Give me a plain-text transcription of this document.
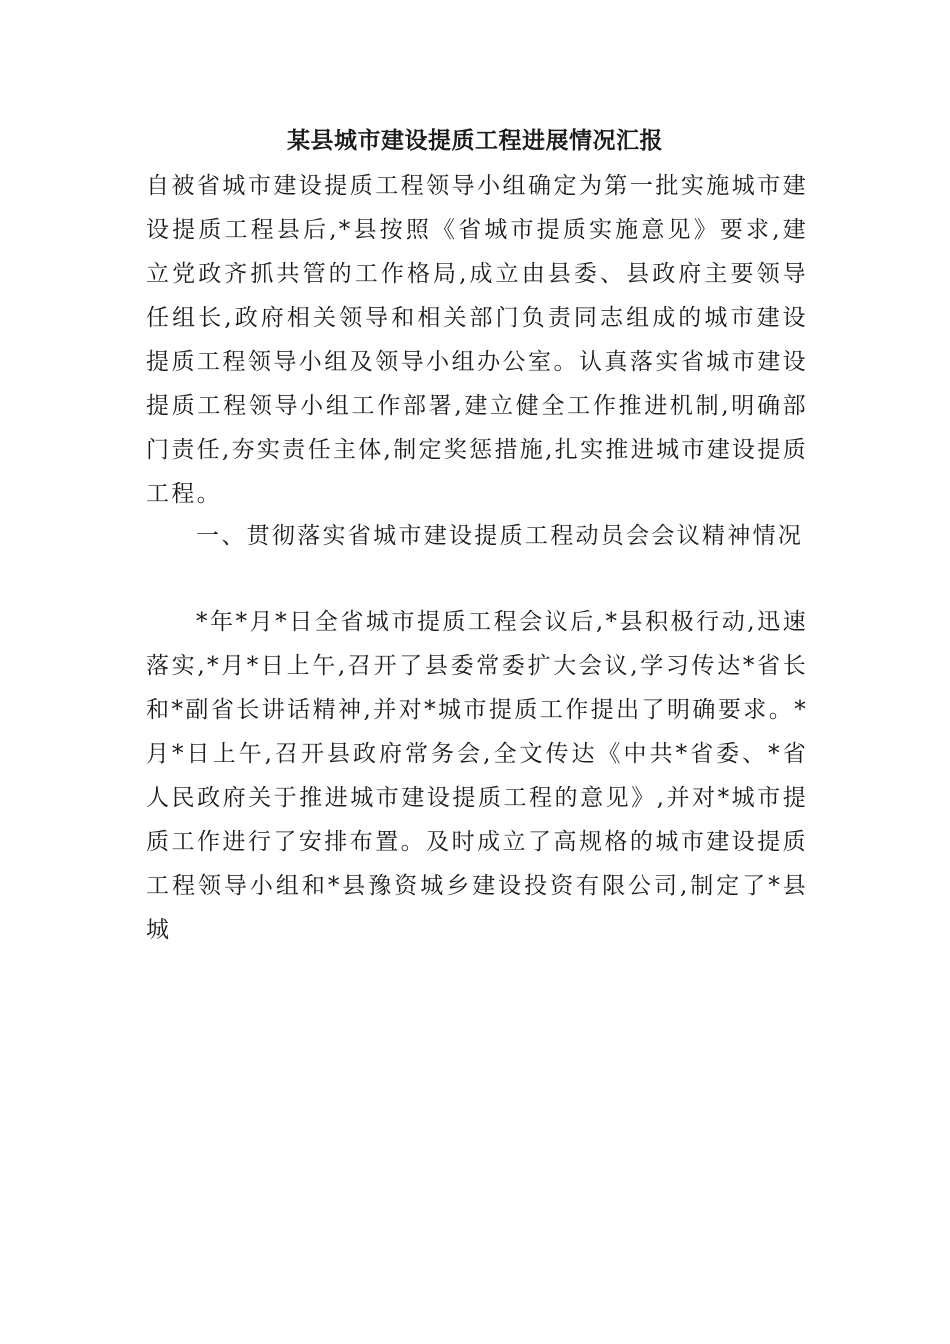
某县城市建设提质工程进展情况汇报

自被省城市建设提质工程领导小组确定为第一批实施城市建设提质工程县后,*县按照《省城市提质实施意见》要求,建立党政齐抓共管的工作格局,成立由县委、县政府主要领导任组长,政府相关领导和相关部门负责同志组成的城市建设提质工程领导小组及领导小组办公室。认真落实省城市建设提质工程领导小组工作部署,建立健全工作推进机制,明确部门责任,夯实责任主体,制定奖惩措施,扎实推进城市建设提质工程。

一、贯彻落实省城市建设提质工程动员会会议精神情况

*年*月*日全省城市提质工程会议后,*县积极行动,迅速落实,*月*日上午,召开了县委常委扩大会议,学习传达*省长和*副省长讲话精神,并对*城市提质工作提出了明确要求。*月*日上午,召开县政府常务会,全文传达《中共*省委、*省人民政府关于推进城市建设提质工程的意见》,并对*城市提质工作进行了安排布置。及时成立了高规格的城市建设提质工程领导小组和*县豫资城乡建设投资有限公司,制定了*县城
